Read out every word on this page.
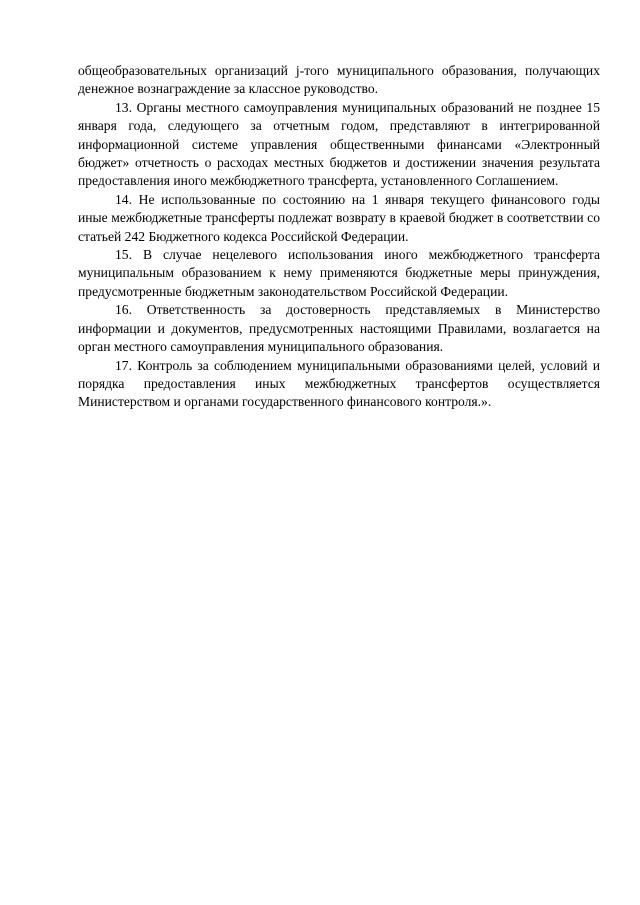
общеобразовательных организаций j-того муниципального образования, получающих денежное вознаграждение за классное руководство.

13. Органы местного самоуправления муниципальных образований не позднее 15 января года, следующего за отчетным годом, представляют в интегрированной информационной системе управления общественными финансами «Электронный бюджет» отчетность о расходах местных бюджетов и достижении значения результата предоставления иного межбюджетного трансферта, установленного Соглашением.

14. Не использованные по состоянию на 1 января текущего финансового годы иные межбюджетные трансферты подлежат возврату в краевой бюджет в соответствии со статьей 242 Бюджетного кодекса Российской Федерации.

15. В случае нецелевого использования иного межбюджетного трансферта муниципальным образованием к нему применяются бюджетные меры принуждения, предусмотренные бюджетным законодательством Российской Федерации.

16. Ответственность за достоверность представляемых в Министерство информации и документов, предусмотренных настоящими Правилами, возлагается на орган местного самоуправления муниципального образования.

17. Контроль за соблюдением муниципальными образованиями целей, условий и порядка предоставления иных межбюджетных трансфертов осуществляется Министерством и органами государственного финансового контроля.».
